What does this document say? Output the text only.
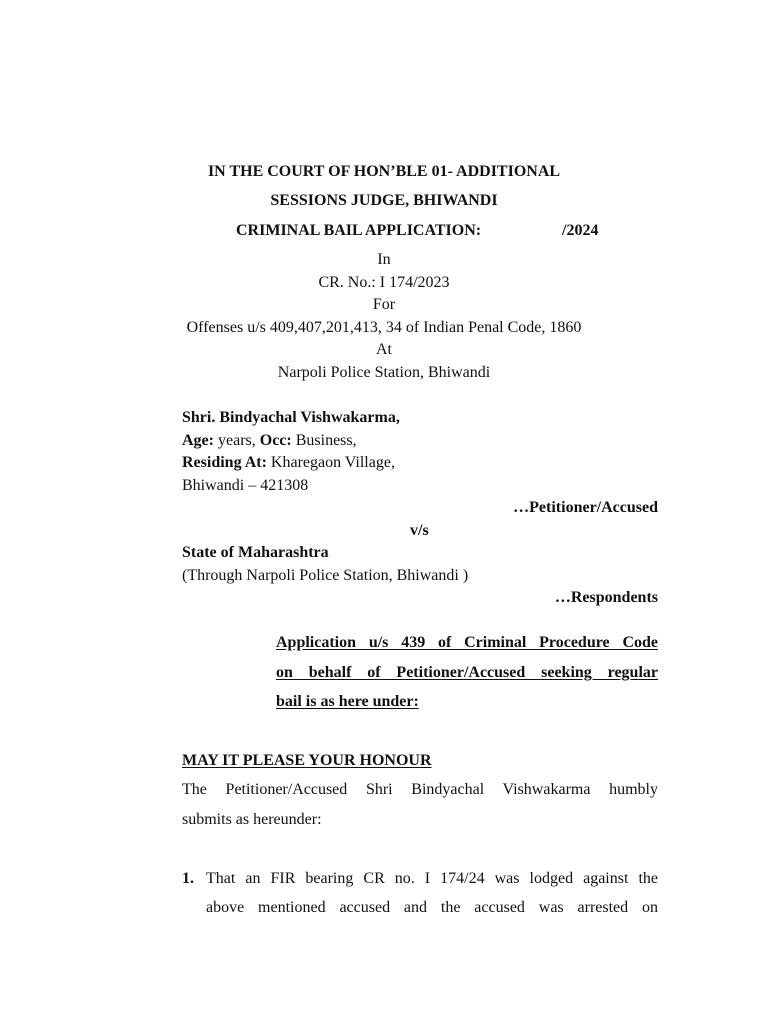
IN THE COURT OF HON’BLE 01- ADDITIONAL
SESSIONS JUDGE, BHIWANDI
CRIMINAL BAIL APPLICATION:	/2024
In
CR. No.: I 174/2023
For
Offenses u/s 409,407,201,413, 34 of Indian Penal Code, 1860
At
Narpoli Police Station, Bhiwandi
Shri. Bindyachal Vishwakarma,
Age: years, Occ: Business,
Residing At: Kharegaon Village,
Bhiwandi – 421308
…Petitioner/Accused
v/s
State of Maharashtra
(Through Narpoli Police Station, Bhiwandi )
…Respondents
Application u/s 439 of Criminal Procedure Code
on behalf of Petitioner/Accused seeking regular
bail is as here under:
MAY IT PLEASE YOUR HONOUR
The Petitioner/Accused Shri Bindyachal Vishwakarma humbly
submits as hereunder:
1. That an FIR bearing CR no. I 174/24 was lodged against the
above mentioned accused and the accused was arrested on
